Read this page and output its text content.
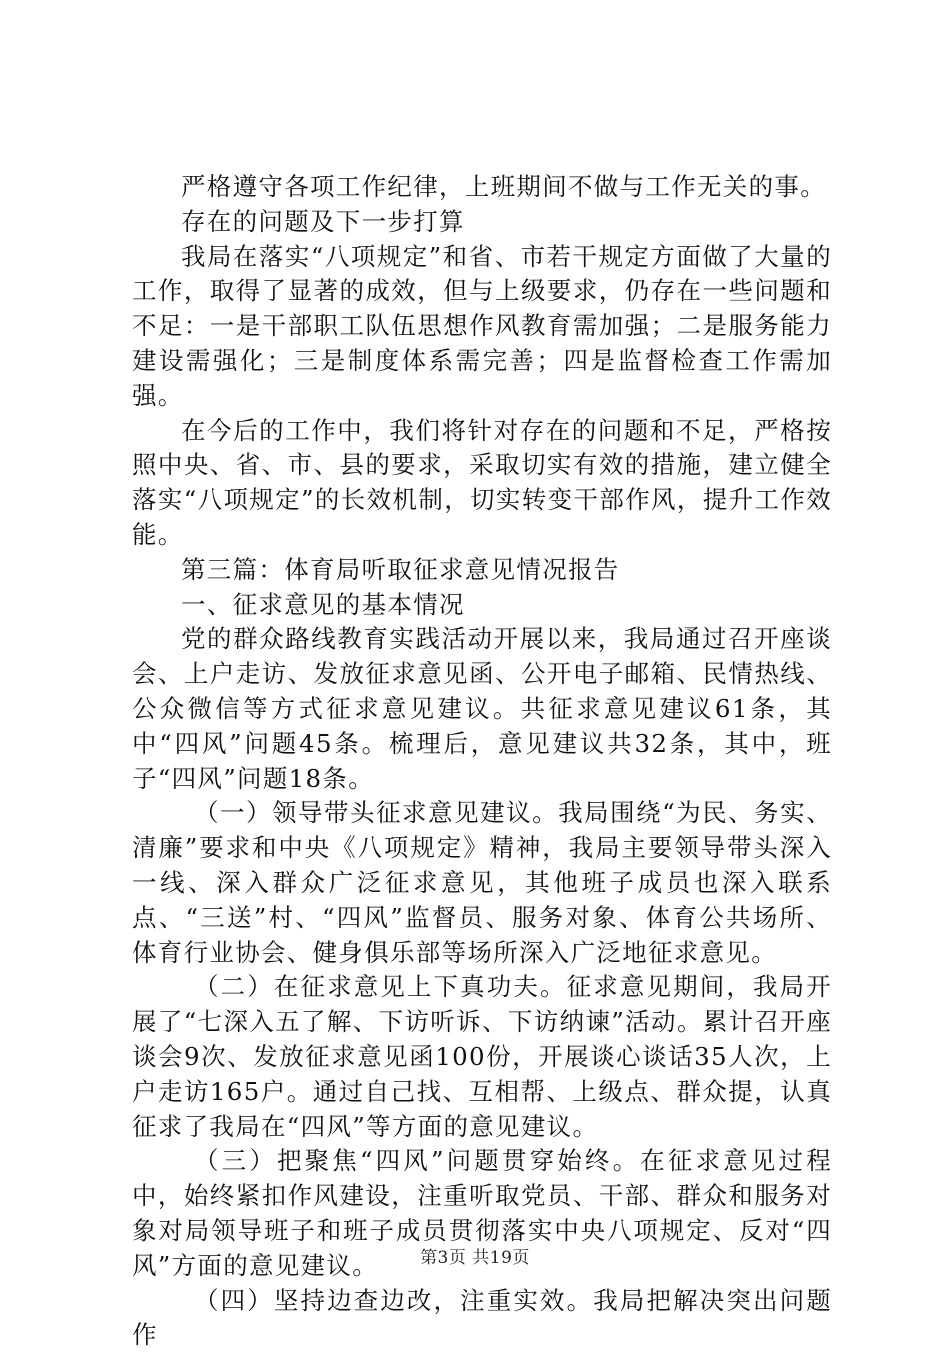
严格遵守各项工作纪律，上班期间不做与工作无关的事。

存在的问题及下一步打算

我局在落实“八项规定”和省、市若干规定方面做了大量的工作，取得了显著的成效，但与上级要求，仍存在一些问题和不足：一是干部职工队伍思想作风教育需加强；二是服务能力建设需强化；三是制度体系需完善；四是监督检查工作需加强。

在今后的工作中，我们将针对存在的问题和不足，严格按照中央、省、市、县的要求，采取切实有效的措施，建立健全落实“八项规定”的长效机制，切实转变干部作风，提升工作效能。

第三篇：体育局听取征求意见情况报告

一、征求意见的基本情况

党的群众路线教育实践活动开展以来，我局通过召开座谈会、上户走访、发放征求意见函、公开电子邮箱、民情热线、公众微信等方式征求意见建议。共征求意见建议61条，其中“四风”问题45条。梳理后，意见建议共32条，其中，班子“四风”问题18条。

（一）领导带头征求意见建议。我局围绕“为民、务实、清廉”要求和中央《八项规定》精神，我局主要领导带头深入一线、深入群众广泛征求意见，其他班子成员也深入联系点、“三送”村、“四风”监督员、服务对象、体育公共场所、体育行业协会、健身俱乐部等场所深入广泛地征求意见。

（二）在征求意见上下真功夫。征求意见期间，我局开展了“七深入五了解、下访听诉、下访纳谏”活动。累计召开座谈会9次、发放征求意见函100份，开展谈心谈话35人次，上户走访165户。通过自己找、互相帮、上级点、群众提，认真征求了我局在“四风”等方面的意见建议。

（三）把聚焦“四风”问题贯穿始终。在征求意见过程中，始终紧扣作风建设，注重听取党员、干部、群众和服务对象对局领导班子和班子成员贯彻落实中央八项规定、反对“四风”方面的意见建议。

（四）坚持边查边改，注重实效。我局把解决突出问题作

第3页 共19页
